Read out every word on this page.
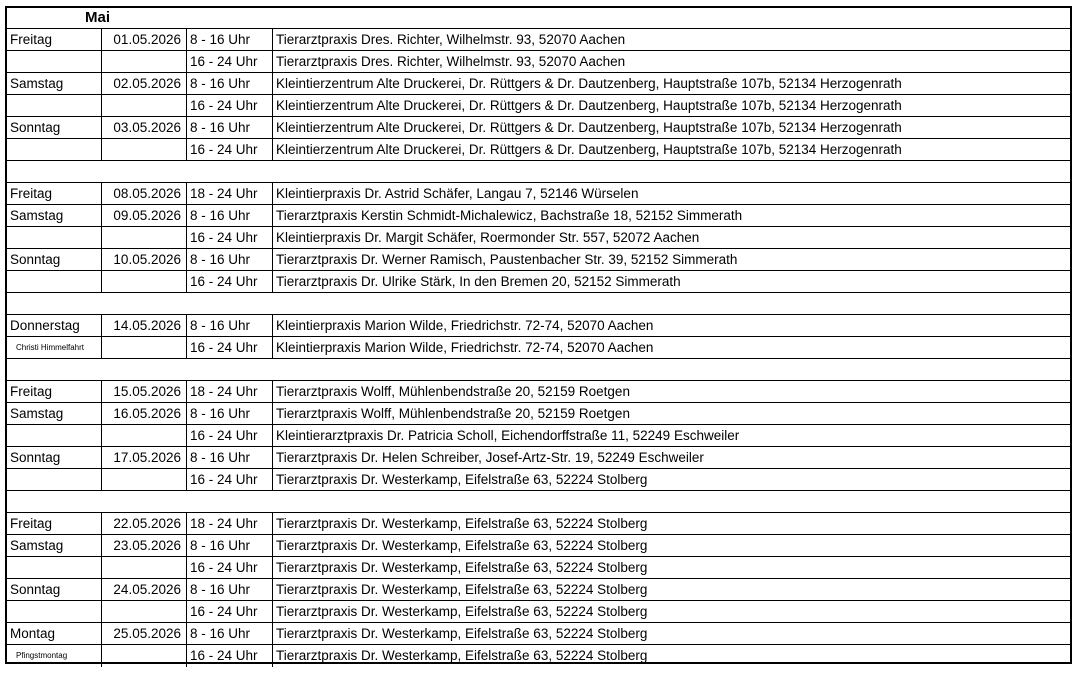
Mai
Freitag	01.05.2026 8 - 16 Uhr	Tierarztpraxis Dres. Richter, Wilhelmstr. 93, 52070 Aachen
16 - 24 Uhr	Tierarztpraxis Dres. Richter, Wilhelmstr. 93, 52070 Aachen
Samstag	02.05.2026 8 - 16 Uhr	Kleintierzentrum Alte Druckerei, Dr. Rüttgers & Dr. Dautzenberg, Hauptstraße 107b, 52134 Herzogenrath
16 - 24 Uhr	Kleintierzentrum Alte Druckerei, Dr. Rüttgers & Dr. Dautzenberg, Hauptstraße 107b, 52134 Herzogenrath
Sonntag	03.05.2026 8 - 16 Uhr	Kleintierzentrum Alte Druckerei, Dr. Rüttgers & Dr. Dautzenberg, Hauptstraße 107b, 52134 Herzogenrath
16 - 24 Uhr	Kleintierzentrum Alte Druckerei, Dr. Rüttgers & Dr. Dautzenberg, Hauptstraße 107b, 52134 Herzogenrath
Freitag	08.05.2026 18 - 24 Uhr	Kleintierpraxis Dr. Astrid Schäfer, Langau 7, 52146 Würselen
Samstag	09.05.2026 8 - 16 Uhr	Tierarztpraxis Kerstin Schmidt-Michalewicz, Bachstraße 18, 52152 Simmerath
16 - 24 Uhr	Kleintierpraxis Dr. Margit Schäfer, Roermonder Str. 557, 52072 Aachen
Sonntag	10.05.2026 8 - 16 Uhr	Tierarztpraxis Dr. Werner Ramisch, Paustenbacher Str. 39, 52152 Simmerath
16 - 24 Uhr	Tierarztpraxis Dr. Ulrike Stärk, In den Bremen 20, 52152 Simmerath
Donnerstag	14.05.2026 8 - 16 Uhr	Kleintierpraxis Marion Wilde, Friedrichstr. 72-74, 52070 Aachen
Christi Himmelfahrt	16 - 24 Uhr	Kleintierpraxis Marion Wilde, Friedrichstr. 72-74, 52070 Aachen
Freitag	15.05.2026 18 - 24 Uhr	Tierarztpraxis Wolff, Mühlenbendstraße 20, 52159 Roetgen
Samstag	16.05.2026 8 - 16 Uhr	Tierarztpraxis Wolff, Mühlenbendstraße 20, 52159 Roetgen
16 - 24 Uhr	Kleintierarztpraxis Dr. Patricia Scholl, Eichendorffstraße 11, 52249 Eschweiler
Sonntag	17.05.2026 8 - 16 Uhr	Tierarztpraxis Dr. Helen Schreiber, Josef-Artz-Str. 19, 52249 Eschweiler
16 - 24 Uhr	Tierarztpraxis Dr. Westerkamp, Eifelstraße 63, 52224 Stolberg
Freitag	22.05.2026 18 - 24 Uhr	Tierarztpraxis Dr. Westerkamp, Eifelstraße 63, 52224 Stolberg
Samstag	23.05.2026 8 - 16 Uhr	Tierarztpraxis Dr. Westerkamp, Eifelstraße 63, 52224 Stolberg
16 - 24 Uhr	Tierarztpraxis Dr. Westerkamp, Eifelstraße 63, 52224 Stolberg
Sonntag	24.05.2026 8 - 16 Uhr	Tierarztpraxis Dr. Westerkamp, Eifelstraße 63, 52224 Stolberg
16 - 24 Uhr	Tierarztpraxis Dr. Westerkamp, Eifelstraße 63, 52224 Stolberg
Montag	25.05.2026 8 - 16 Uhr	Tierarztpraxis Dr. Westerkamp, Eifelstraße 63, 52224 Stolberg
Pfingstmontag	16 - 24 Uhr	Tierarztpraxis Dr. Westerkamp, Eifelstraße 63, 52224 Stolberg
